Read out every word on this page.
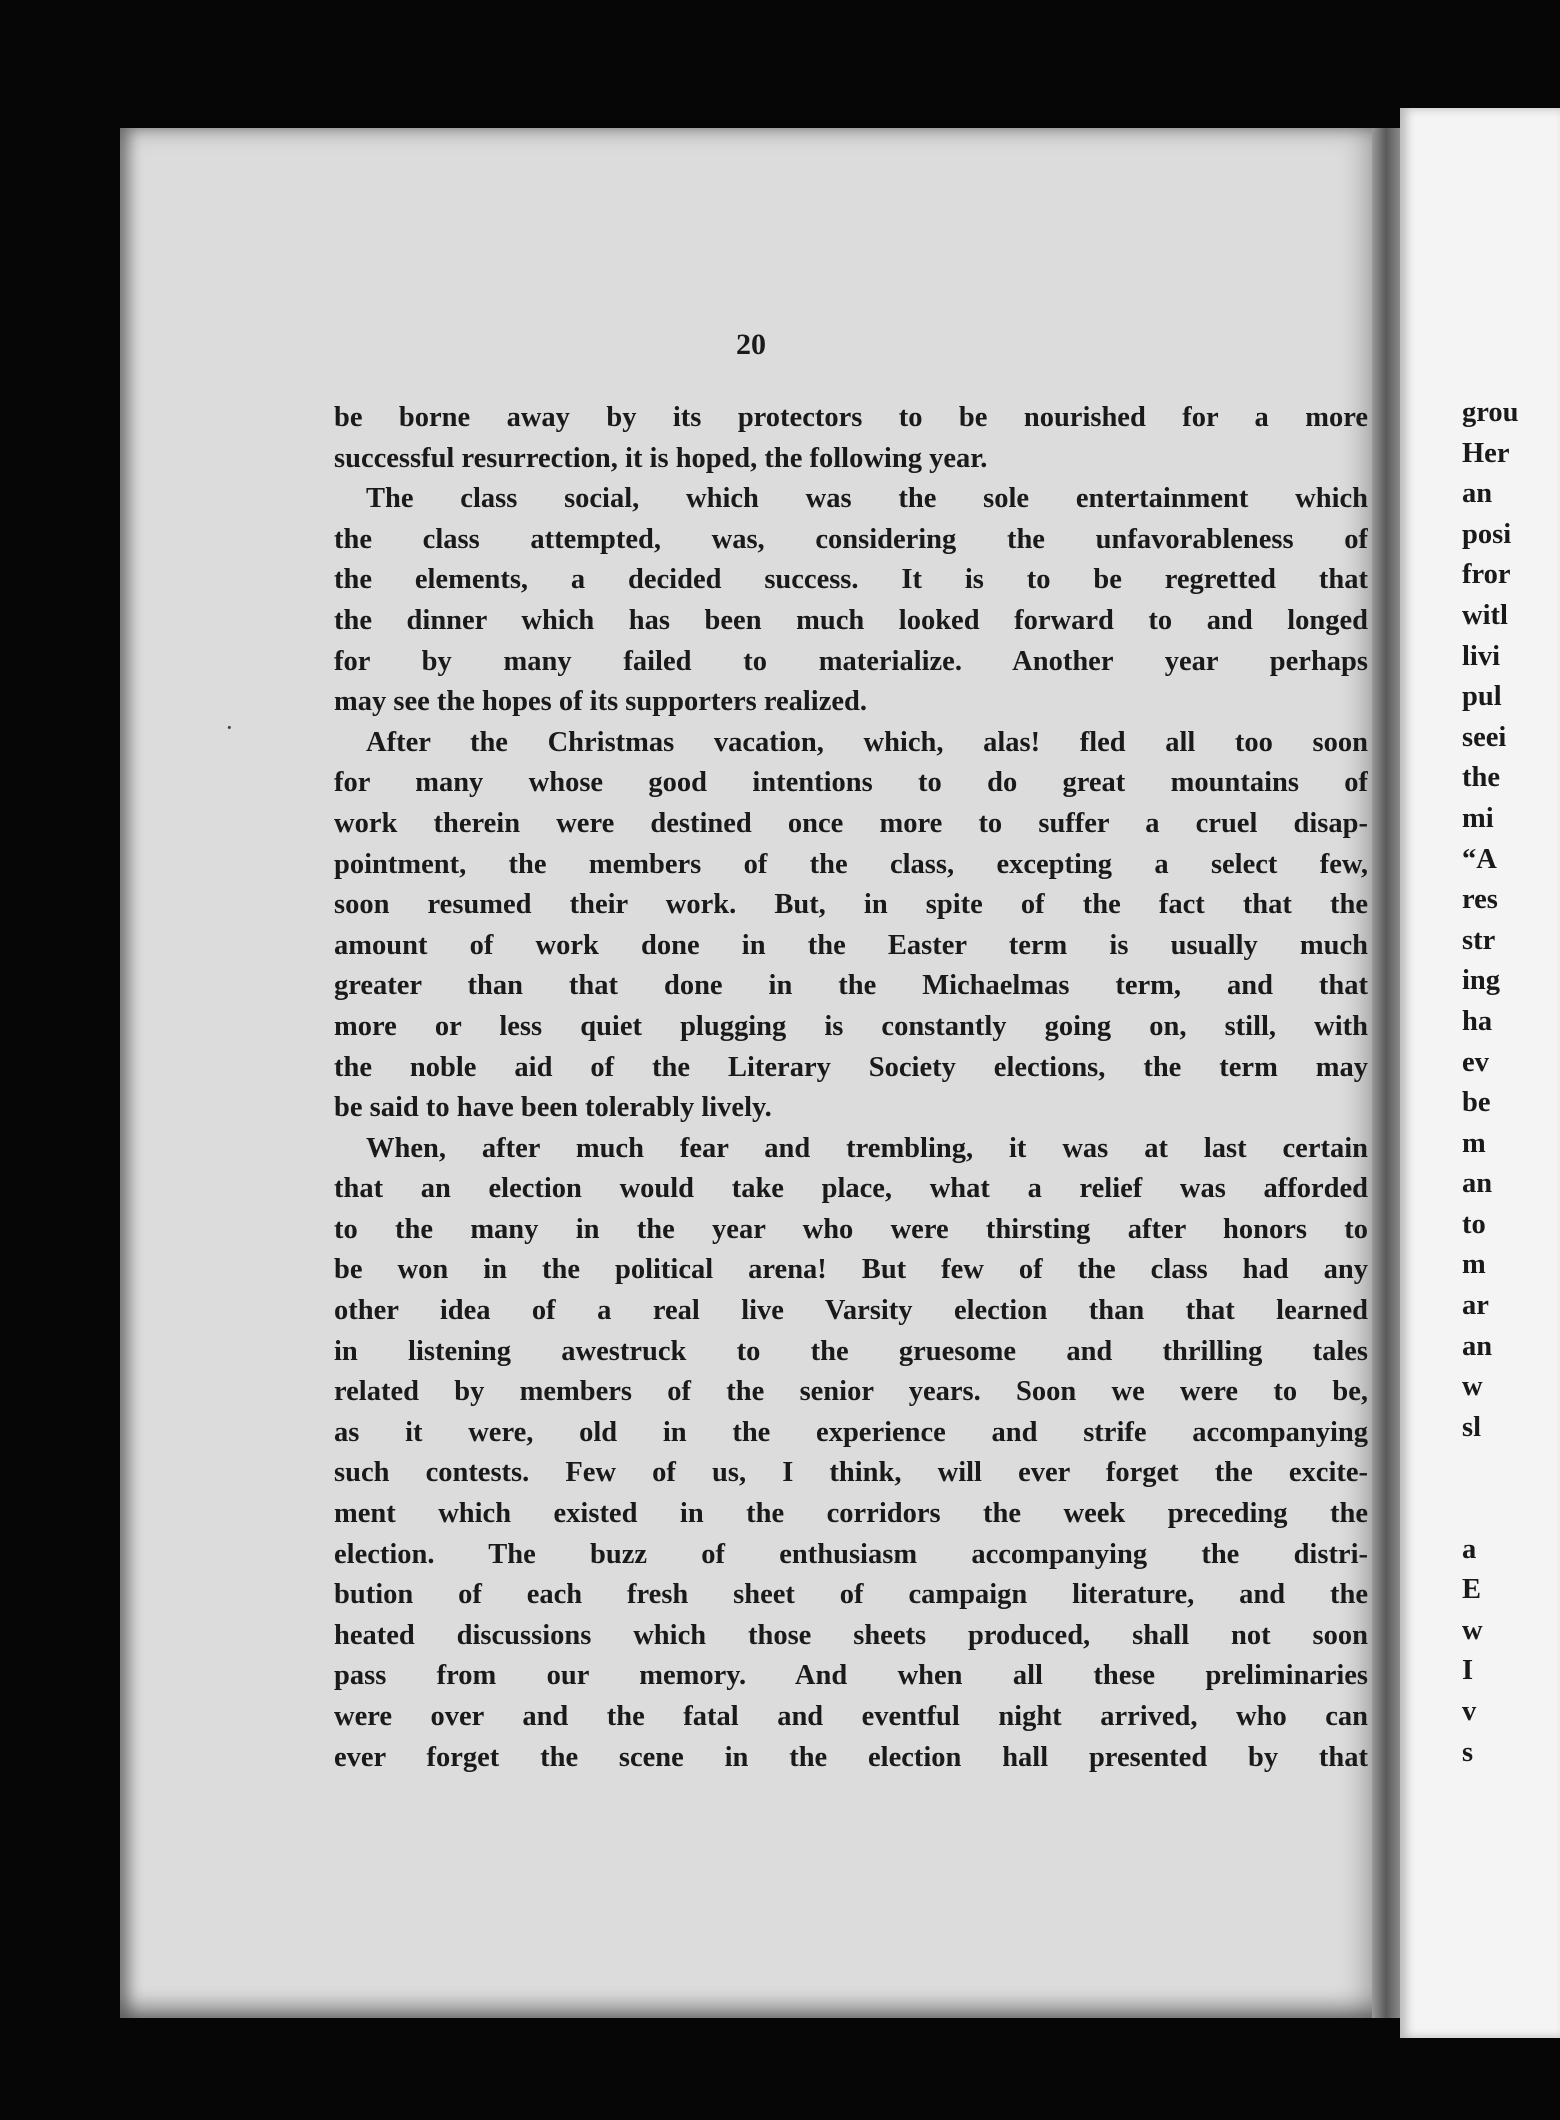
20
be borne away by its protectors to be nourished for a more
successful resurrection, it is hoped, the following year.
The class social, which was the sole entertainment which
the class attempted, was, considering the unfavorableness of
the elements, a decided success. It is to be regretted that
the dinner which has been much looked forward to and longed
for by many failed to materialize. Another year perhaps
may see the hopes of its supporters realized.
After the Christmas vacation, which, alas! fled all too soon
for many whose good intentions to do great mountains of
work therein were destined once more to suffer a cruel disap-
pointment, the members of the class, excepting a select few,
soon resumed their work. But, in spite of the fact that the
amount of work done in the Easter term is usually much
greater than that done in the Michaelmas term, and that
more or less quiet plugging is constantly going on, still, with
the noble aid of the Literary Society elections, the term may
be said to have been tolerably lively.
When, after much fear and trembling, it was at last certain
that an election would take place, what a relief was afforded
to the many in the year who were thirsting after honors to
be won in the political arena! But few of the class had any
other idea of a real live Varsity election than that learned
in listening awestruck to the gruesome and thrilling tales
related by members of the senior years. Soon we were to be,
as it were, old in the experience and strife accompanying
such contests. Few of us, I think, will ever forget the excite-
ment which existed in the corridors the week preceding the
election. The buzz of enthusiasm accompanying the distri-
bution of each fresh sheet of campaign literature, and the
heated discussions which those sheets produced, shall not soon
pass from our memory. And when all these preliminaries
were over and the fatal and eventful night arrived, who can
ever forget the scene in the election hall presented by that
·
grou
Her
an
posi
fror
witl
livi
pul
seei
the
mi
“A
res
str
ing
ha
ev
be
m
an
to
m
ar
an
w
sl

a
E
w
I
v
s
